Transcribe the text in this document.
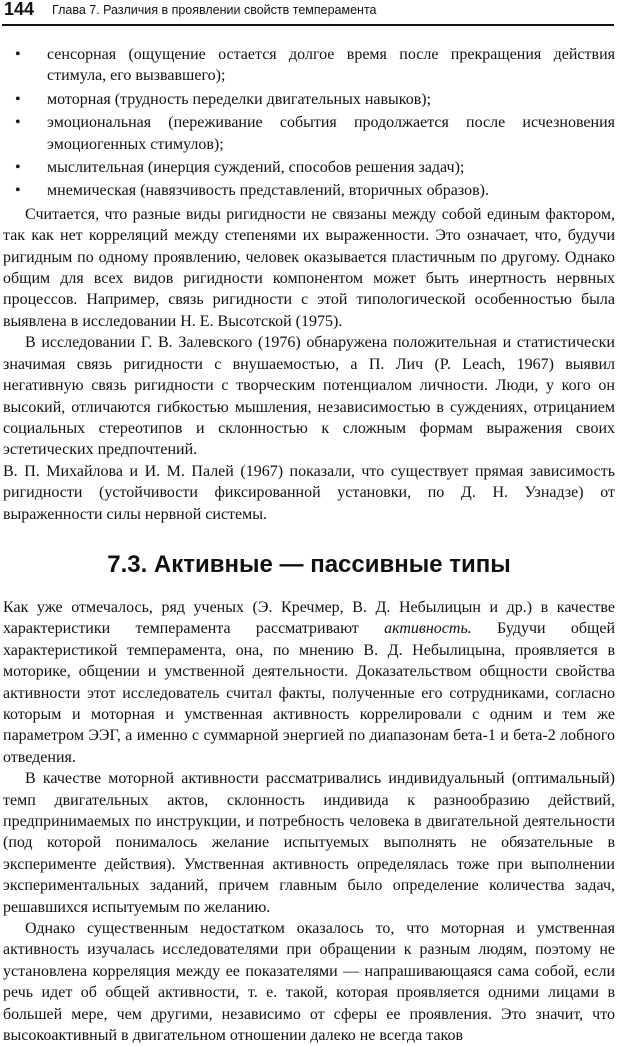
144 Глава 7. Различия в проявлении свойств темперамента
• сенсорная (ощущение остается долгое время после прекращения действия стимула, его вызвавшего);
• моторная (трудность переделки двигательных навыков);
• эмоциональная (переживание события продолжается после исчезновения эмоциогенных стимулов);
• мыслительная (инерция суждений, способов решения задач);
• мнемическая (навязчивость представлений, вторичных образов).

Считается, что разные виды ригидности не связаны между собой единым фактором, так как нет корреляций между степенями их выраженности. Это означает, что, будучи ригидным по одному проявлению, человек оказывается пластичным по другому. Однако общим для всех видов ригидности компонентом может быть инертность нервных процессов. Например, связь ригидности с этой типологической особенностью была выявлена в исследовании Н. Е. Высотской (1975).

В исследовании Г. В. Залевского (1976) обнаружена положительная и статистически значимая связь ригидности с внушаемостью, а П. Лич (P. Leach, 1967) выявил негативную связь ригидности с творческим потенциалом личности. Люди, у кого он высокий, отличаются гибкостью мышления, независимостью в суждениях, отрицанием социальных стереотипов и склонностью к сложным формам выражения своих эстетических предпочтений.

В. П. Михайлова и И. М. Палей (1967) показали, что существует прямая зависимость ригидности (устойчивости фиксированной установки, по Д. Н. Узнадзе) от выраженности силы нервной системы.

7.3. Активные — пассивные типы

Как уже отмечалось, ряд ученых (Э. Кречмер, В. Д. Небылицын и др.) в качестве характеристики темперамента рассматривают активность. Будучи общей характеристикой темперамента, она, по мнению В. Д. Небылицына, проявляется в моторике, общении и умственной деятельности. Доказательством общности свойства активности этот исследователь считал факты, полученные его сотрудниками, согласно которым и моторная и умственная активность коррелировали с одним и тем же параметром ЭЭГ, а именно с суммарной энергией по диапазонам бета-1 и бета-2 лобного отведения.

В качестве моторной активности рассматривались индивидуальный (оптимальный) темп двигательных актов, склонность индивида к разнообразию действий, предпринимаемых по инструкции, и потребность человека в двигательной деятельности (под которой понималось желание испытуемых выполнять не обязательные в эксперименте действия). Умственная активность определялась тоже при выполнении экспериментальных заданий, причем главным было определение количества задач, решавшихся испытуемым по желанию.

Однако существенным недостатком оказалось то, что моторная и умственная активность изучалась исследователями при обращении к разным людям, поэтому не установлена корреляция между ее показателями — напрашивающаяся сама собой, если речь идет об общей активности, т. е. такой, которая проявляется одними лицами в большей мере, чем другими, независимо от сферы ее проявления. Это значит, что высокоактивный в двигательном отношении далеко не всегда таков
